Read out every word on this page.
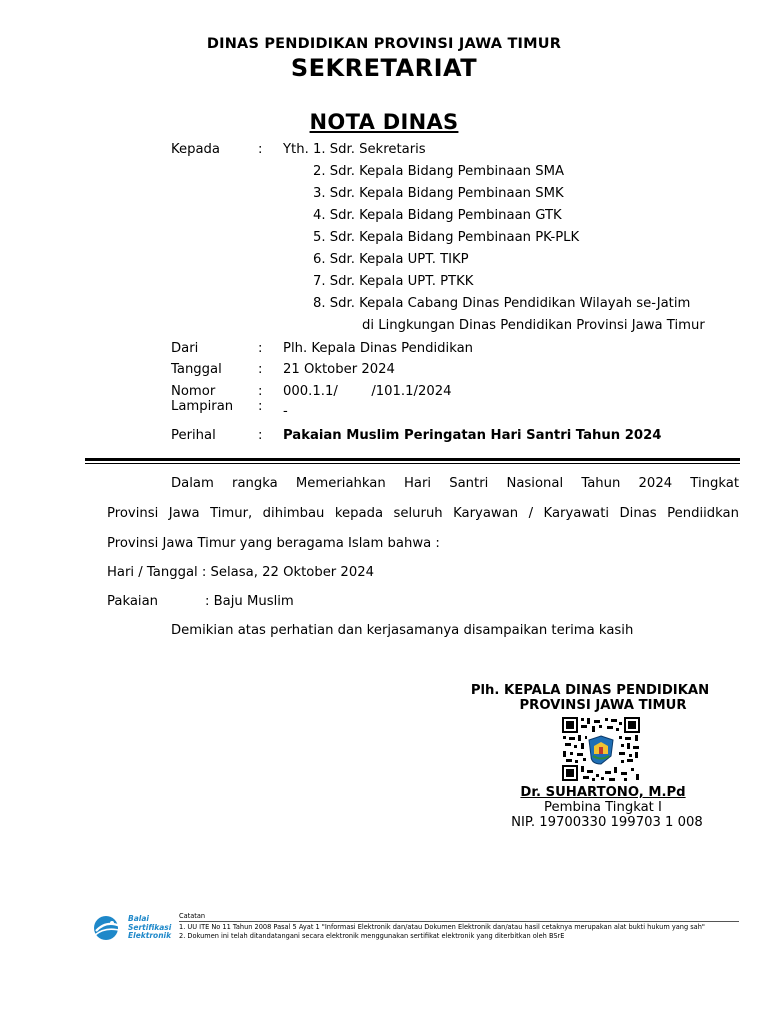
DINAS PENDIDIKAN PROVINSI JAWA TIMUR
SEKRETARIAT
NOTA DINAS
Kepada	: Yth. 1. Sdr. Sekretaris
2. Sdr. Kepala Bidang Pembinaan SMA
3. Sdr. Kepala Bidang Pembinaan SMK
4. Sdr. Kepala Bidang Pembinaan GTK
5. Sdr. Kepala Bidang Pembinaan PK-PLK
6. Sdr. Kepala UPT. TIKP
7. Sdr. Kepala UPT. PTKK
8. Sdr. Kepala Cabang Dinas Pendidikan Wilayah se-Jatim
di Lingkungan Dinas Pendidikan Provinsi Jawa Timur
Dari	: Plh. Kepala Dinas Pendidikan
Tanggal	: 21 Oktober 2024
Nomor	: 000.1.1/        /101.1/2024
Lampiran : -
Perihal	: Pakaian Muslim Peringatan Hari Santri Tahun 2024
Dalam rangka Memeriahkan Hari Santri Nasional Tahun 2024 Tingkat
Provinsi Jawa Timur, dihimbau kepada seluruh Karyawan / Karyawati Dinas Pendiidkan
Provinsi Jawa Timur yang beragama Islam bahwa :
Hari / Tanggal : Selasa, 22 Oktober 2024
Pakaian	: Baju Muslim
Demikian atas perhatian dan kerjasamanya disampaikan terima kasih
Plh. KEPALA DINAS PENDIDIKAN
PROVINSI JAWA TIMUR
Dr. SUHARTONO, M.Pd
Pembina Tingkat I
NIP. 19700330 199703 1 008
Balai
Sertifikasi
Elektronik
Catatan
1. UU ITE No 11 Tahun 2008 Pasal 5 Ayat 1 "Informasi Elektronik dan/atau Dokumen Elektronik dan/atau hasil cetaknya merupakan alat bukti hukum yang sah"
2. Dokumen ini telah ditandatangani secara elektronik menggunakan sertifikat elektronik yang diterbitkan oleh BSrE
